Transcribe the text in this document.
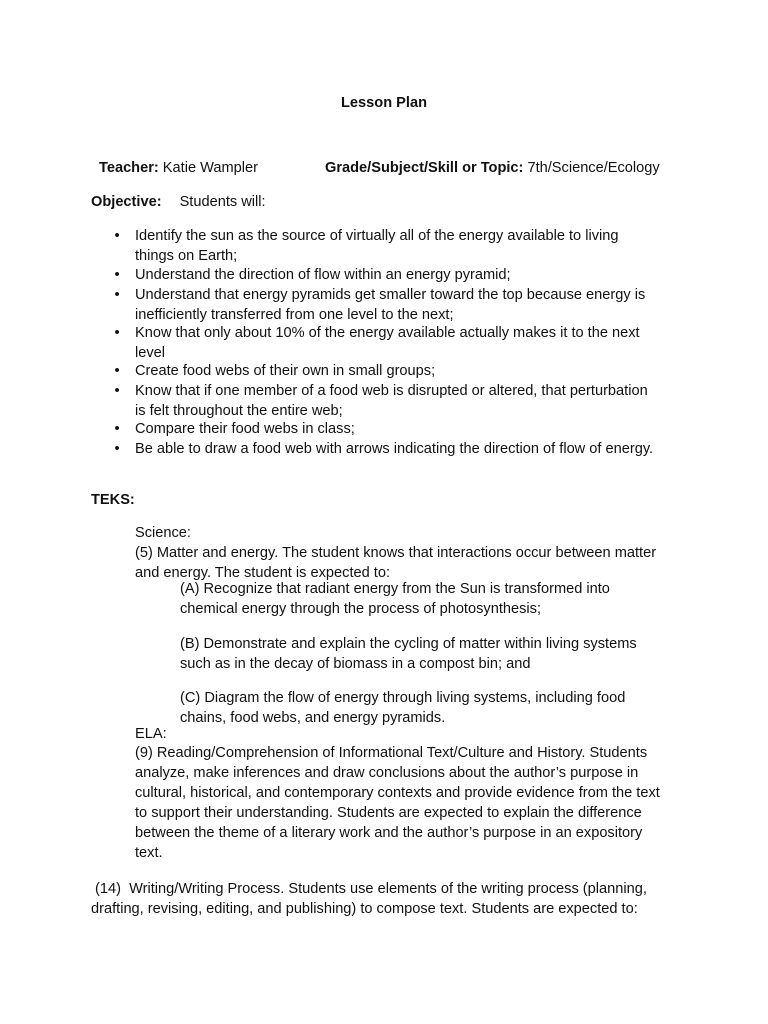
Lesson Plan
Teacher: Katie Wampler	Grade/Subject/Skill or Topic: 7th/Science/Ecology
Objective: Students will:
• Identify the sun as the source of virtually all of the energy available to living
things on Earth;
• Understand the direction of flow within an energy pyramid;
• Understand that energy pyramids get smaller toward the top because energy is
inefficiently transferred from one level to the next;
• Know that only about 10% of the energy available actually makes it to the next
level
• Create food webs of their own in small groups;
• Know that if one member of a food web is disrupted or altered, that perturbation
is felt throughout the entire web;
• Compare their food webs in class;
• Be able to draw a food web with arrows indicating the direction of flow of energy.
TEKS:
Science:
(5) Matter and energy. The student knows that interactions occur between matter
and energy. The student is expected to:
(A) Recognize that radiant energy from the Sun is transformed into
chemical energy through the process of photosynthesis;
(B) Demonstrate and explain the cycling of matter within living systems
such as in the decay of biomass in a compost bin; and
(C) Diagram the flow of energy through living systems, including food
chains, food webs, and energy pyramids.
ELA:
(9) Reading/Comprehension of Informational Text/Culture and History. Students
analyze, make inferences and draw conclusions about the author’s purpose in
cultural, historical, and contemporary contexts and provide evidence from the text
to support their understanding. Students are expected to explain the difference
between the theme of a literary work and the author’s purpose in an expository
text.
(14)  Writing/Writing Process. Students use elements of the writing process (planning,
drafting, revising, editing, and publishing) to compose text. Students are expected to:
